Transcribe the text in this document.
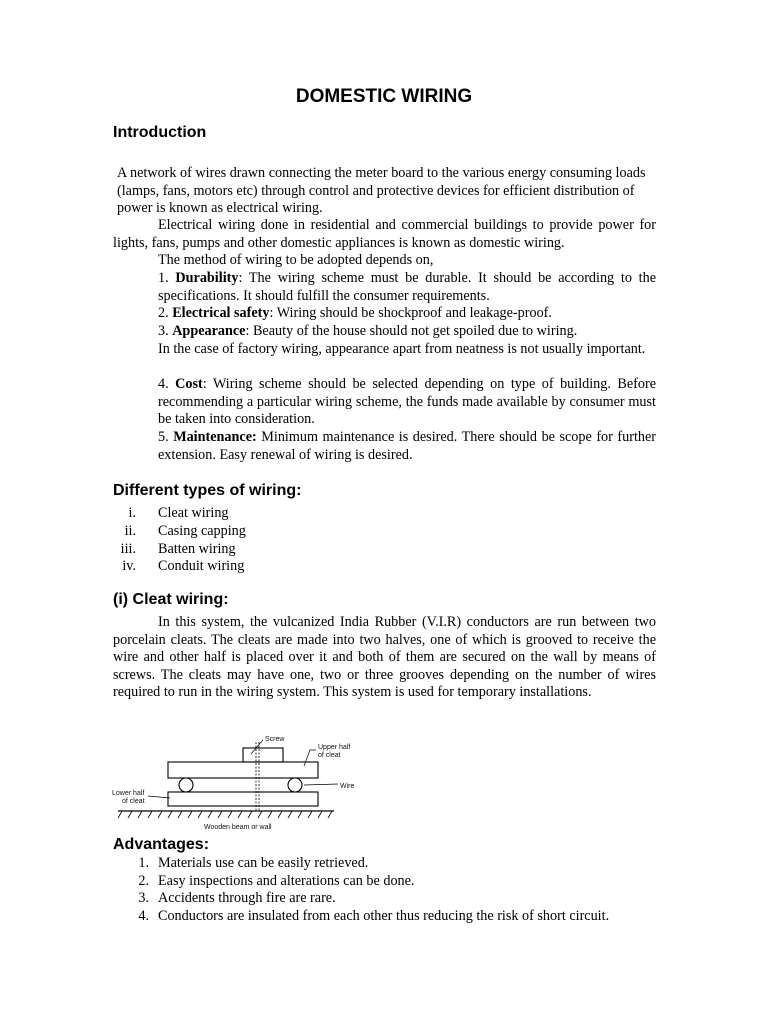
DOMESTIC WIRING
Introduction
A network of wires drawn connecting the meter board to the various energy consuming loads (lamps, fans, motors etc) through control and protective devices for efficient distribution of power is known as electrical wiring.
Electrical wiring done in residential and commercial buildings to provide power for lights, fans, pumps and other domestic appliances is known as domestic wiring.
The method of wiring to be adopted depends on,
1. Durability: The wiring scheme must be durable. It should be according to the specifications. It should fulfill the consumer requirements.
2. Electrical safety: Wiring should be shockproof and leakage-proof.
3. Appearance: Beauty of the house should not get spoiled due to wiring.
In the case of factory wiring, appearance apart from neatness is not usually important.
4. Cost: Wiring scheme should be selected depending on type of building. Before recommending a particular wiring scheme, the funds made available by consumer must be taken into consideration.
5. Maintenance: Minimum maintenance is desired. There should be scope for further extension. Easy renewal of wiring is desired.
Different types of wiring:
i. Cleat wiring
ii. Casing capping
iii. Batten wiring
iv. Conduit wiring
(i) Cleat wiring:
In this system, the vulcanized India Rubber (V.I.R) conductors are run between two porcelain cleats. The cleats are made into two halves, one of which is grooved to receive the wire and other half is placed over it and both of them are secured on the wall by means of screws. The cleats may have one, two or three grooves depending on the number of wires required to run in the wiring system. This system is used for temporary installations.
Screw
Upper half
of cleat
Wire
Lower half
of cleat
Wooden beam or wall
Advantages:
1. Materials use can be easily retrieved.
2. Easy inspections and alterations can be done.
3. Accidents through fire are rare.
4. Conductors are insulated from each other thus reducing the risk of short circuit.
